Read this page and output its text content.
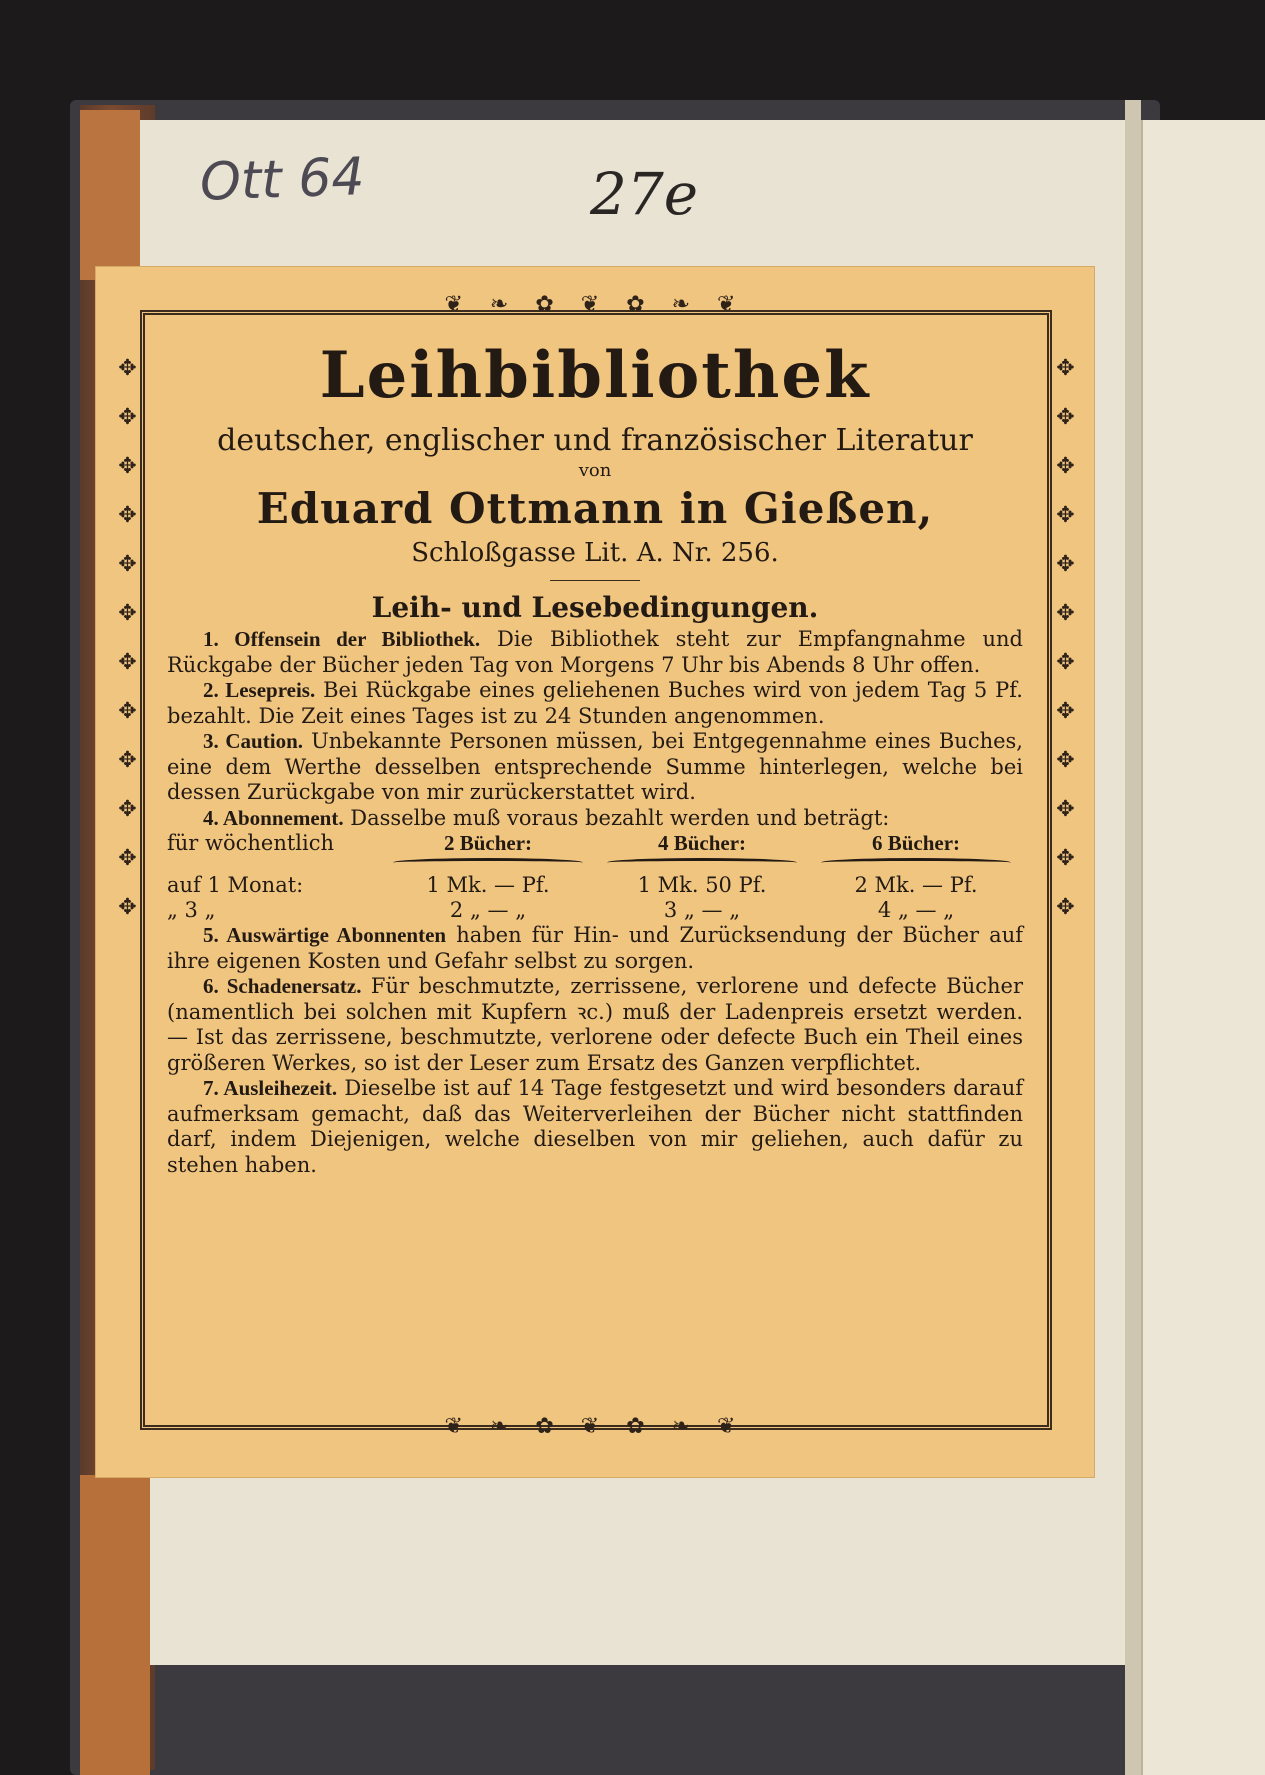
Ott 64	27e
❦ ❧ ✿ ❦ ✿ ❧ ❦
❦ ❧ ✿ ❦ ✿ ❧ ❦
✥✥✥✥✥✥✥✥✥✥✥✥	✥✥✥✥✥✥✥✥✥✥✥✥
Leihbibliothek
deutscher, englischer und französischer Literatur
von
Eduard Ottmann in Gießen,
Schloßgasse Lit. A. Nr. 256.
Leih- und Lesebedingungen.

1. Offensein der Bibliothek. Die Bibliothek steht zur Empfangnahme und Rückgabe der Bücher jeden Tag von Morgens 7 Uhr bis Abends 8 Uhr offen.

2. Lesepreis. Bei Rückgabe eines geliehenen Buches wird von jedem Tag 5 Pf. bezahlt. Die Zeit eines Tages ist zu 24 Stunden angenommen.

3. Caution. Unbekannte Personen müssen, bei Entgegennahme eines Buches, eine dem Werthe desselben entsprechende Summe hinterlegen, welche bei dessen Zurückgabe von mir zurückerstattet wird.

4. Abonnement. Dasselbe muß voraus bezahlt werden und beträgt:

für wöchentlich	2 Bücher:	4 Bücher:	6 Bücher:

auf 1 Monat:	1 Mk. — Pf.	1 Mk. 50 Pf.	2 Mk. — Pf.
„ 3 „	2 „ — „	3 „ — „	4 „ — „

5. Auswärtige Abonnenten haben für Hin- und Zurücksendung der Bücher auf ihre eigenen Kosten und Gefahr selbst zu sorgen.

6. Schadenersatz. Für beschmutzte, zerrissene, verlorene und defecte Bücher (namentlich bei solchen mit Kupfern ꝛc.) muß der Ladenpreis ersetzt werden. — Ist das zerrissene, beschmutzte, verlorene oder defecte Buch ein Theil eines größeren Werkes, so ist der Leser zum Ersatz des Ganzen verpflichtet.

7. Ausleihezeit. Dieselbe ist auf 14 Tage festgesetzt und wird besonders darauf aufmerksam gemacht, daß das Weiterverleihen der Bücher nicht stattfinden darf, indem Diejenigen, welche dieselben von mir geliehen, auch dafür zu stehen haben.
